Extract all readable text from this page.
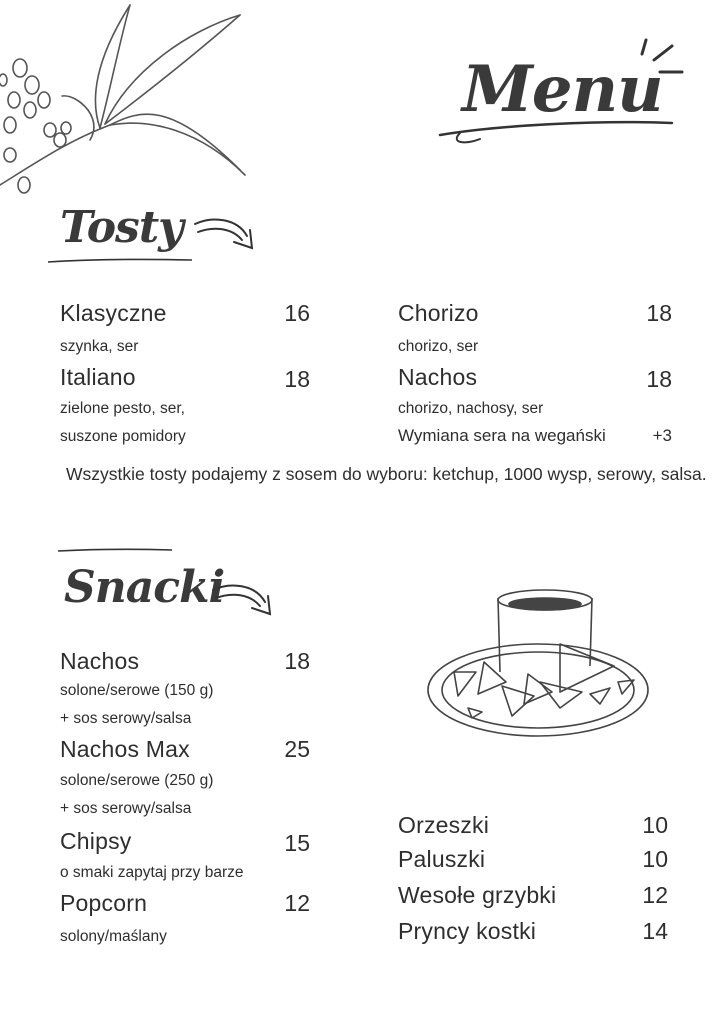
Menu
Tosty
Klasyczne	16
szynka, ser
Italiano	18
zielone pesto, ser,
suszone pomidory
Chorizo	18
chorizo, ser
Nachos	18
chorizo, nachosy, ser
Wymiana sera na wegański	+3
Wszystkie tosty podajemy z sosem do wyboru: ketchup, 1000 wysp, serowy, salsa.
Snacki
Nachos	18
solone/serowe (150 g)
+ sos serowy/salsa
Nachos Max	25
solone/serowe (250 g)
+ sos serowy/salsa
Chipsy	15
o smaki zapytaj przy barze
Popcorn	12
solony/maślany
Orzeszki	10
Paluszki	10
Wesołe grzybki	12
Pryncy kostki	14
